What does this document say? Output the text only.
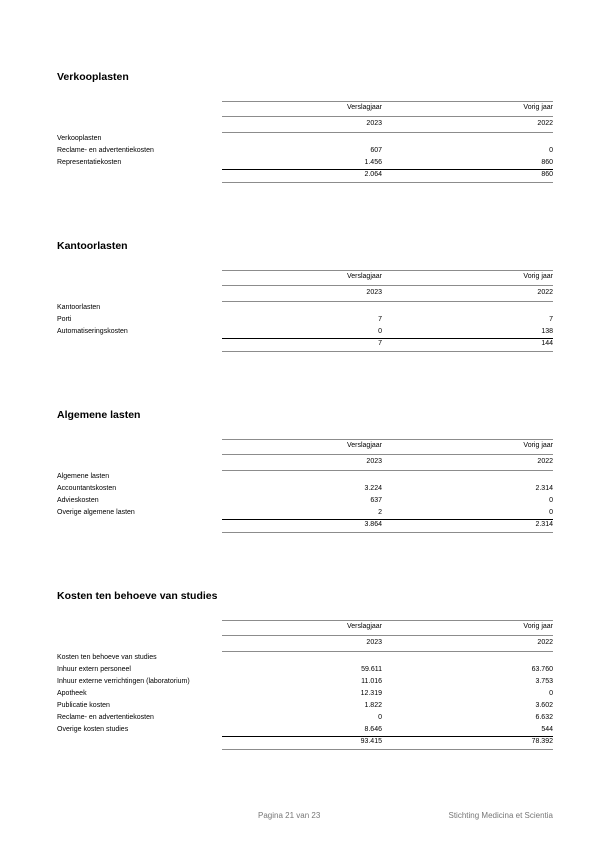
Verkooplasten
Verslagjaar	Vorig jaar
2023	2022
Verkooplasten
Reclame- en advertentiekosten	607	0
Representatiekosten	1.456	860
2.064	860
Kantoorlasten
Verslagjaar	Vorig jaar
2023	2022
Kantoorlasten
Porti	7	7
Automatiseringskosten	0	138
7	144
Algemene lasten
Verslagjaar	Vorig jaar
2023	2022
Algemene lasten
Accountantskosten	3.224	2.314
Advieskosten	637	0
Overige algemene lasten	2	0
3.864	2.314
Kosten ten behoeve van studies
Verslagjaar	Vorig jaar
2023	2022
Kosten ten behoeve van studies
Inhuur extern personeel	59.611	63.760
Inhuur externe verrichtingen (laboratorium)	11.016	3.753
Apotheek	12.319	0
Publicatie kosten	1.822	3.602
Reclame- en advertentiekosten	0	6.632
Overige kosten studies	8.646	544
93.415	78.392
Pagina 21 van 23	Stichting Medicina et Scientia
